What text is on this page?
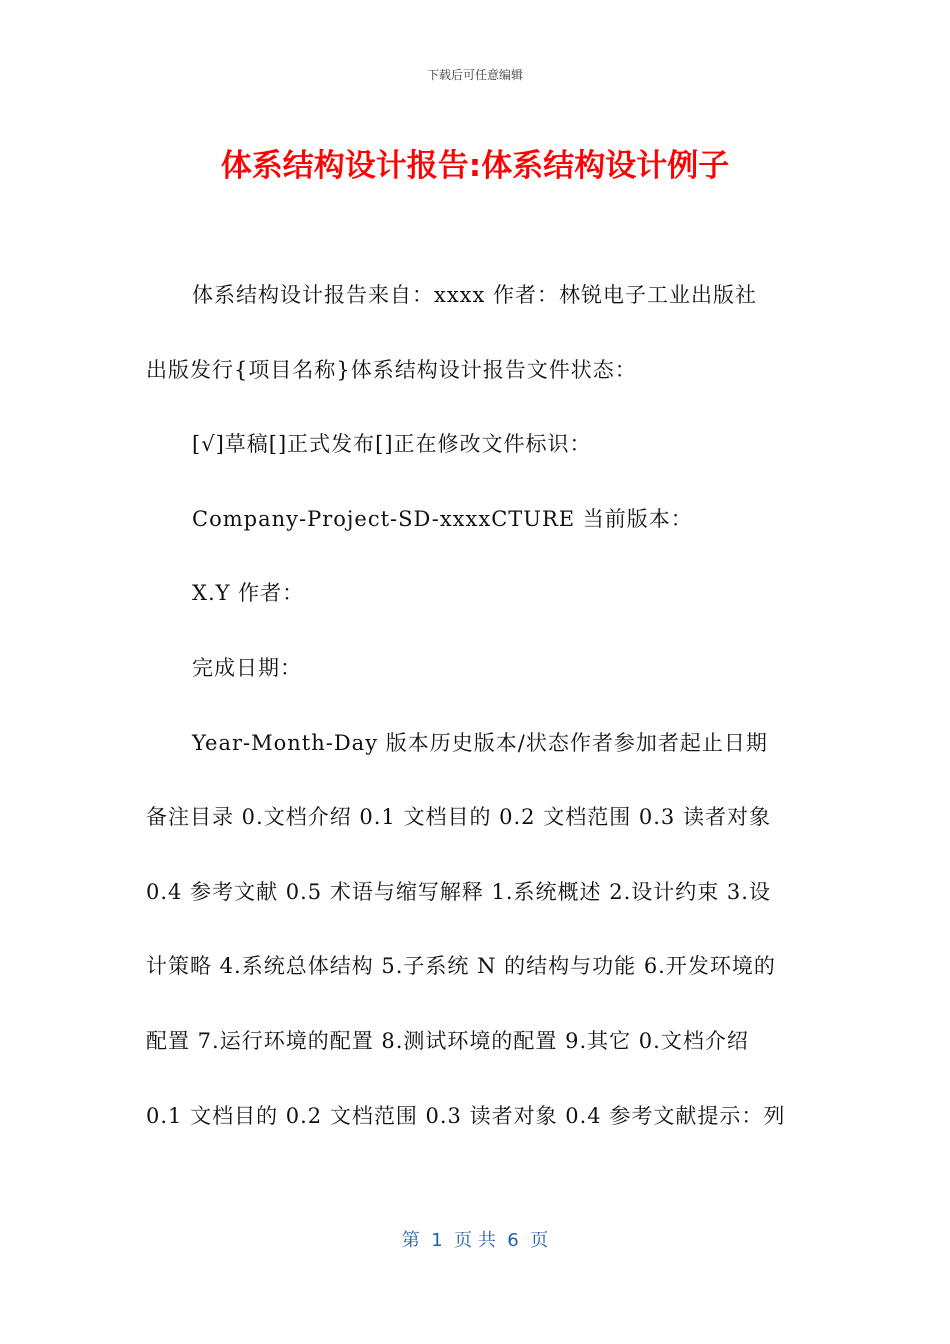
下载后可任意编辑
体系结构设计报告:体系结构设计例子
体系结构设计报告来自：xxxx 作者：林锐电子工业出版社
出版发行{项目名称}体系结构设计报告文件状态：
[√]草稿[]正式发布[]正在修改文件标识：
Company-Project-SD-xxxxCTURE 当前版本：
X.Y 作者：
完成日期：
Year-Month-Day 版本历史版本/状态作者参加者起止日期
备注目录 0.文档介绍 0.1 文档目的 0.2 文档范围 0.3 读者对象
0.4 参考文献 0.5 术语与缩写解释 1.系统概述 2.设计约束 3.设
计策略 4.系统总体结构 5.子系统 N 的结构与功能 6.开发环境的
配置 7.运行环境的配置 8.测试环境的配置 9.其它 0.文档介绍
0.1 文档目的 0.2 文档范围 0.3 读者对象 0.4 参考文献提示：列
第  1  页 共  6  页
